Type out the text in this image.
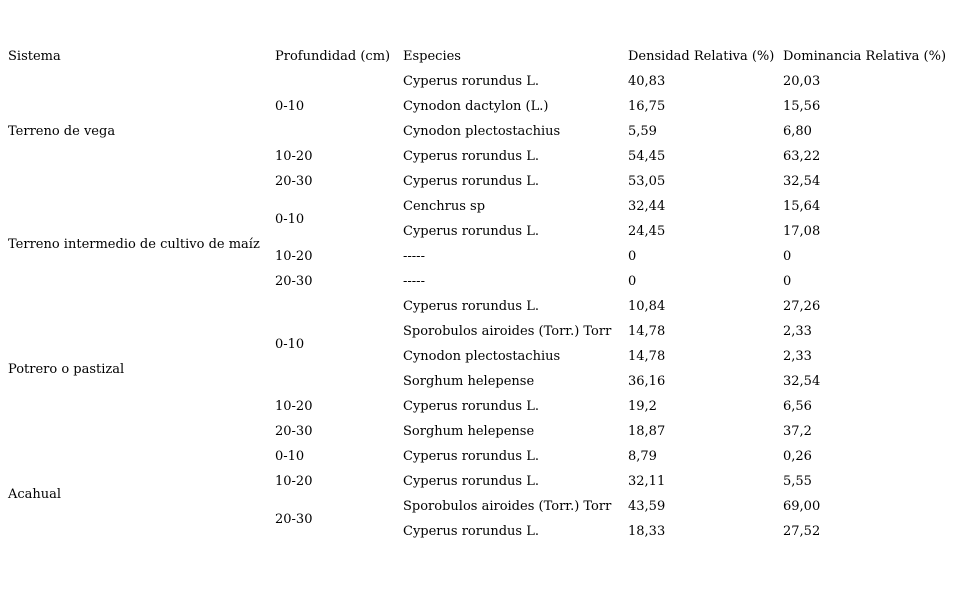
Sistema	Profundidad (cm)	Especies	Densidad Relativa (%)	Dominancia Relativa (%)
Terreno de vega	0-10	Cyperus rorundus L.	40,83	20,03
		Cynodon dactylon (L.)	16,75	15,56
		Cynodon plectostachius	5,59	6,80
	10-20	Cyperus rorundus L.	54,45	63,22
	20-30	Cyperus rorundus L.	53,05	32,54
Terreno intermedio de cultivo de maíz	0-10	Cenchrus sp	32,44	15,64
		Cyperus rorundus L.	24,45	17,08
	10-20	-----	0	0
	20-30	-----	0	0
Potrero o pastizal	0-10	Cyperus rorundus L.	10,84	27,26
		Sporobulos airoides (Torr.) Torr	14,78	2,33
		Cynodon plectostachius	14,78	2,33
		Sorghum helepense	36,16	32,54
	10-20	Cyperus rorundus L.	19,2	6,56
	20-30	Sorghum helepense	18,87	37,2
Acahual	0-10	Cyperus rorundus L.	8,79	0,26
	10-20	Cyperus rorundus L.	32,11	5,55
	20-30	Sporobulos airoides (Torr.) Torr	43,59	69,00
		Cyperus rorundus L.	18,33	27,52
